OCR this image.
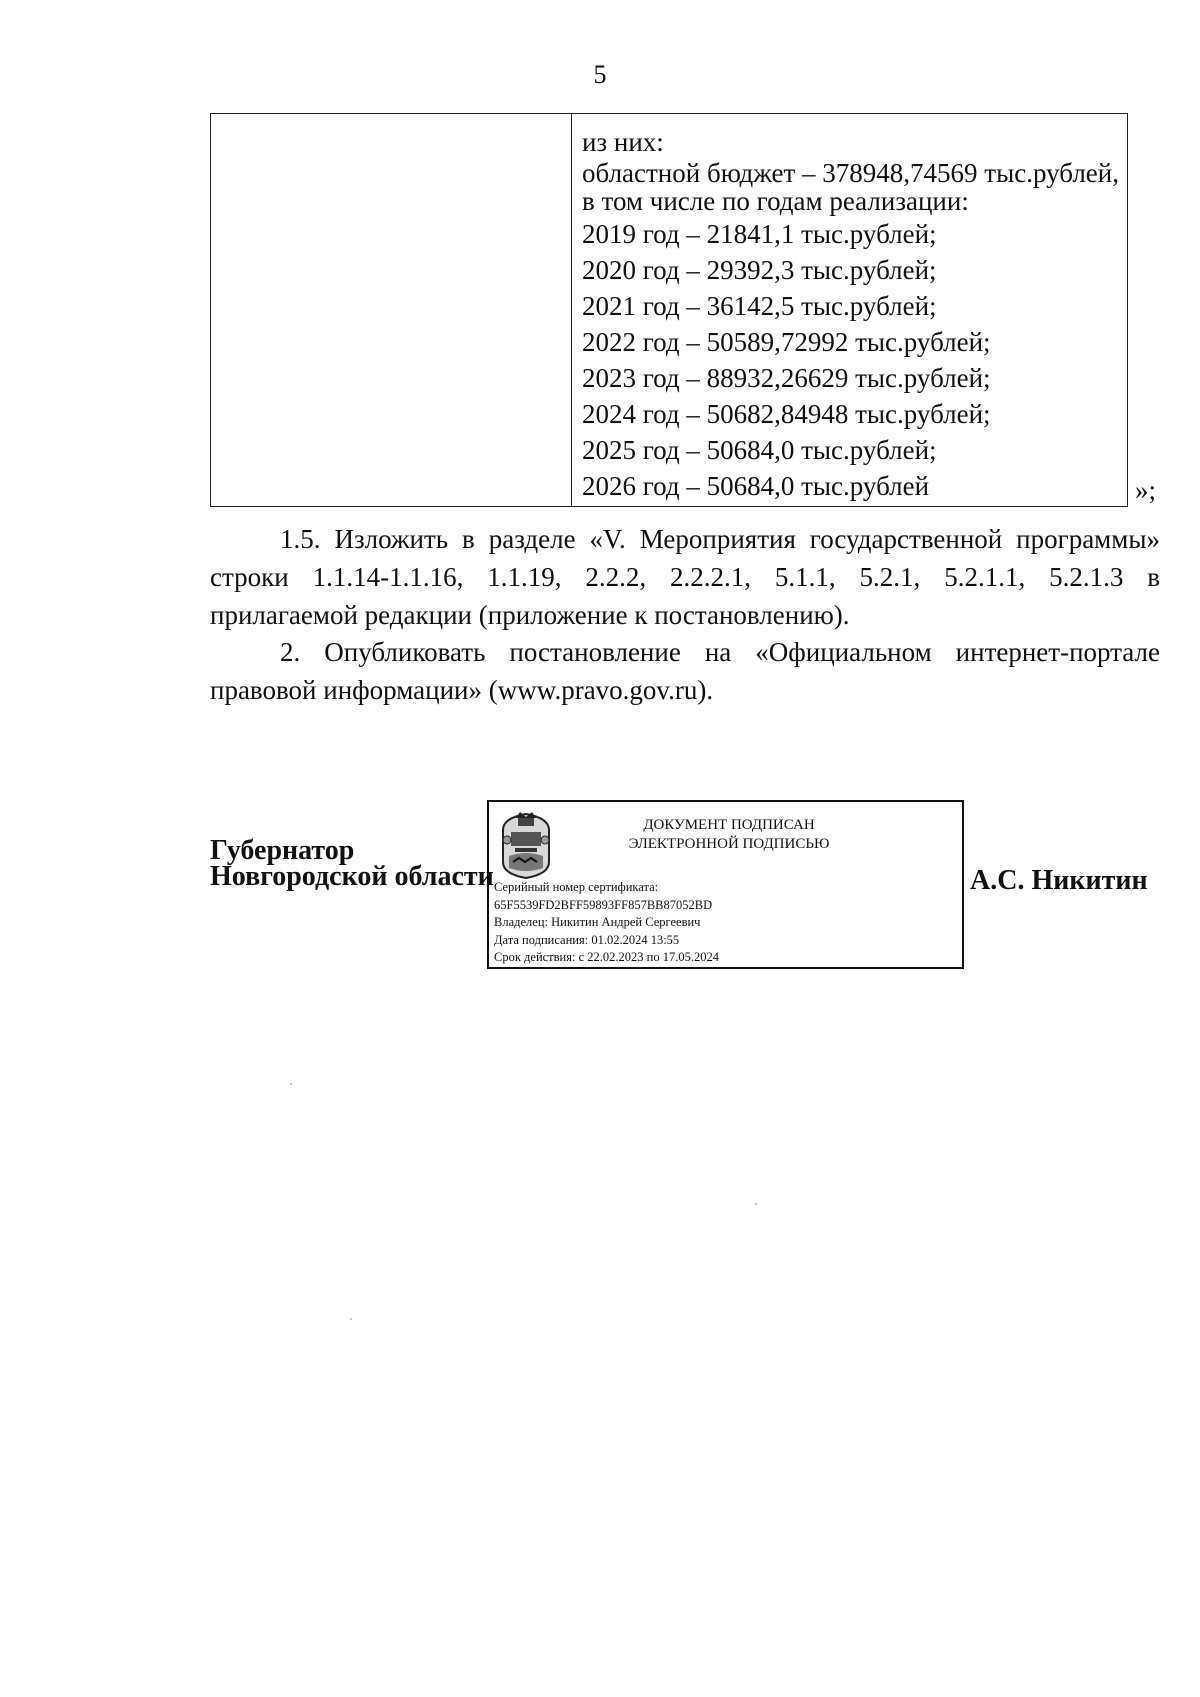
5

из них:
областной бюджет – 378948,74569 тыс.рублей,
в том числе по годам реализации:
2019 год – 21841,1 тыс.рублей;
2020 год – 29392,3 тыс.рублей;
2021 год – 36142,5 тыс.рублей;
2022 год – 50589,72992 тыс.рублей;
2023 год – 88932,26629 тыс.рублей;
2024 год – 50682,84948 тыс.рублей;
2025 год – 50684,0 тыс.рублей;
2026 год – 50684,0 тыс.рублей	»;
1.5. Изложить в разделе «V. Мероприятия государственной программы» строки 1.1.14-1.1.16, 1.1.19, 2.2.2, 2.2.2.1, 5.1.1, 5.2.1, 5.2.1.1, 5.2.1.3 в прилагаемой редакции (приложение к постановлению).
2. Опубликовать постановление на «Официальном интернет-портале правовой информации» (www.pravo.gov.ru).
Губернатор
Новгородской области
ДОКУМЕНТ ПОДПИСАН
ЭЛЕКТРОННОЙ ПОДПИСЬЮ
Серийный номер сертификата:
65F5539FD2BFF59893FF857BB87052BD
Владелец: Никитин Андрей Сергеевич
Дата подписания: 01.02.2024 13:55
Срок действия: с 22.02.2023 по 17.05.2024
А.С. Никитин
